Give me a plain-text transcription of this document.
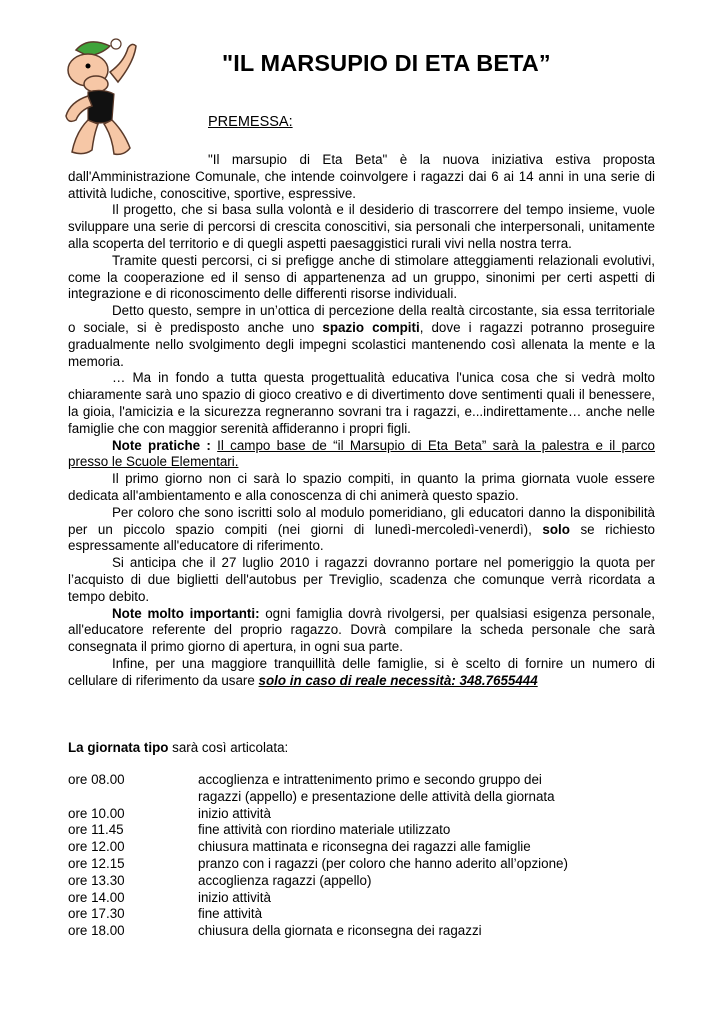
"IL MARSUPIO DI ETA BETA”
PREMESSA:

"Il marsupio di Eta Beta" è la nuova iniziativa estiva proposta dall'Amministrazione Comunale, che intende coinvolgere i ragazzi dai 6 ai 14 anni in una serie di attività ludiche, conoscitive, sportive, espressive.

Il progetto, che si basa sulla volontà e il desiderio di trascorrere del tempo insieme, vuole sviluppare una serie di percorsi di crescita conoscitivi, sia personali che interpersonali, unitamente alla scoperta del territorio e di quegli aspetti paesaggistici rurali vivi nella nostra terra.

Tramite questi percorsi, ci si prefigge anche di stimolare atteggiamenti relazionali evolutivi, come la cooperazione ed il senso di appartenenza ad un gruppo, sinonimi per certi aspetti di integrazione e di riconoscimento delle differenti risorse individuali.

Detto questo, sempre in un’ottica di percezione della realtà circostante, sia essa territoriale o sociale, si è predisposto anche uno spazio compiti, dove i ragazzi potranno proseguire gradualmente nello svolgimento degli impegni scolastici mantenendo così allenata la mente e la memoria.

… Ma in fondo a tutta questa progettualità educativa l'unica cosa che si vedrà molto chiaramente sarà uno spazio di gioco creativo e di divertimento dove sentimenti quali il benessere, la gioia, l'amicizia e la sicurezza regneranno sovrani tra i ragazzi, e...indirettamente… anche nelle famiglie che con maggior serenità affideranno i propri figli.

Note pratiche : Il campo base de “il Marsupio di Eta Beta” sarà la palestra e il parco presso le Scuole Elementari.

Il primo giorno non ci sarà lo spazio compiti, in quanto la prima giornata vuole essere dedicata all'ambientamento e alla conoscenza di chi animerà questo spazio.

Per coloro che sono iscritti solo al modulo pomeridiano, gli educatori danno la disponibilità per un piccolo spazio compiti (nei giorni di lunedì-mercoledì-venerdì), solo se richiesto espressamente all'educatore di riferimento.

Si anticipa che il 27 luglio 2010 i ragazzi dovranno portare nel pomeriggio la quota per l’acquisto di due biglietti dell'autobus per Treviglio, scadenza che comunque verrà ricordata a tempo debito.

Note molto importanti: ogni famiglia dovrà rivolgersi, per qualsiasi esigenza personale, all'educatore referente del proprio ragazzo. Dovrà compilare la scheda personale che sarà consegnata il primo giorno di apertura, in ogni sua parte.

Infine, per una maggiore tranquillità delle famiglie, si è scelto di fornire un numero di cellulare di riferimento da usare solo in caso di reale necessità: 348.7655444

La giornata tipo sarà così articolata:
ore 08.00	accoglienza e intrattenimento primo e secondo gruppo dei
ragazzi (appello) e presentazione delle attività della giornata
ore 10.00	inizio attività
ore 11.45	fine attività con riordino materiale utilizzato
ore 12.00	chiusura mattinata e riconsegna dei ragazzi alle famiglie
ore 12.15	pranzo con i ragazzi (per coloro che hanno aderito all’opzione)
ore 13.30	accoglienza ragazzi (appello)
ore 14.00	inizio attività
ore 17.30	fine attività
ore 18.00	chiusura della giornata e riconsegna dei ragazzi
